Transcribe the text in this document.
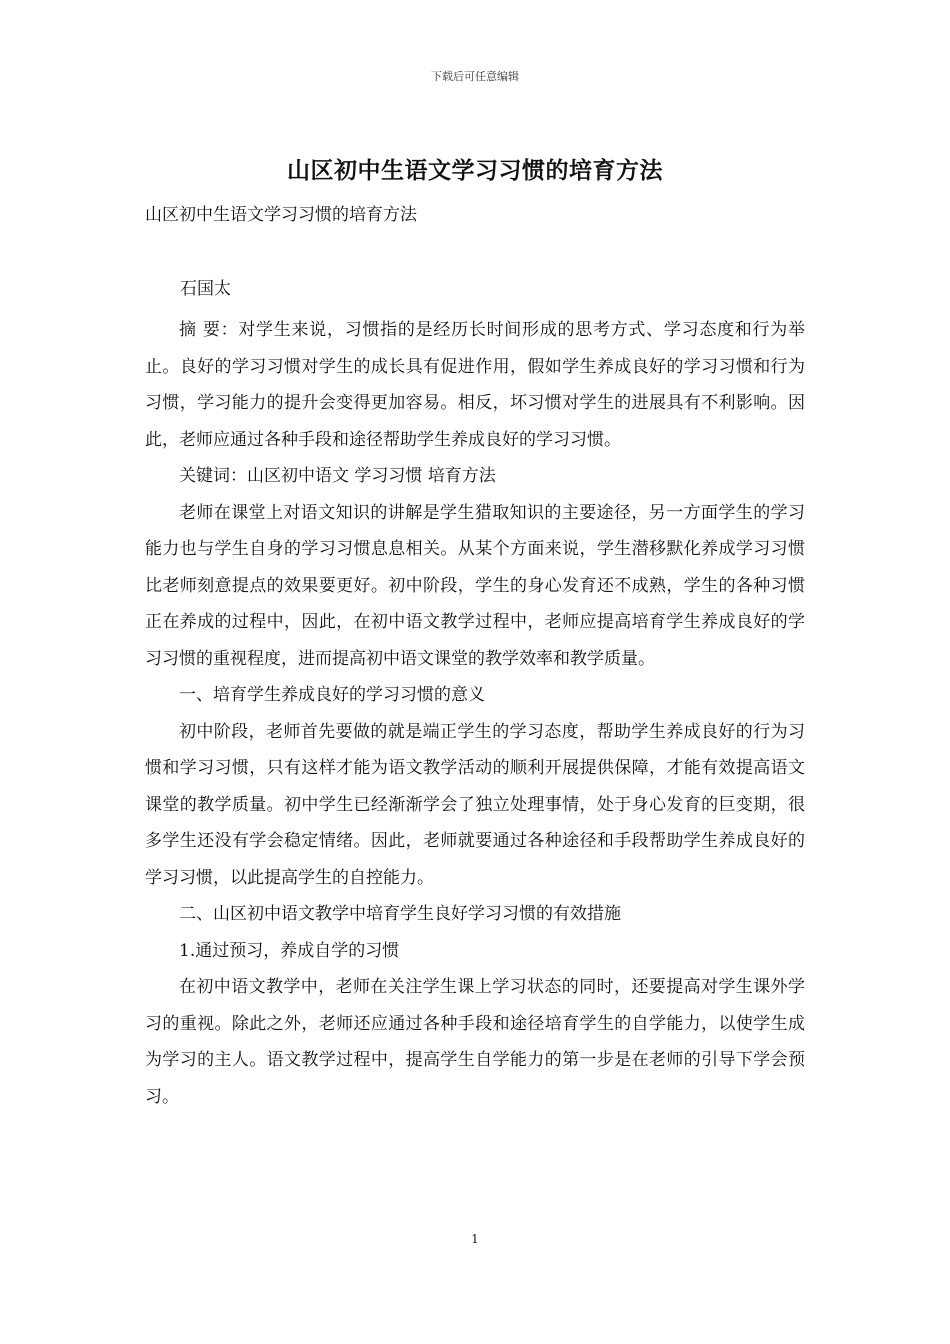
下载后可任意编辑
山区初中生语文学习习惯的培育方法

山区初中生语文学习习惯的培育方法

石国太

摘 要：对学生来说，习惯指的是经历长时间形成的思考方式、学习态度和行为举止。良好的学习习惯对学生的成长具有促进作用，假如学生养成良好的学习习惯和行为习惯，学习能力的提升会变得更加容易。相反，坏习惯对学生的进展具有不利影响。因此，老师应通过各种手段和途径帮助学生养成良好的学习习惯。

关键词：山区初中语文 学习习惯 培育方法

老师在课堂上对语文知识的讲解是学生猎取知识的主要途径，另一方面学生的学习能力也与学生自身的学习习惯息息相关。从某个方面来说，学生潜移默化养成学习习惯比老师刻意提点的效果要更好。初中阶段，学生的身心发育还不成熟，学生的各种习惯正在养成的过程中，因此，在初中语文教学过程中，老师应提高培育学生养成良好的学习习惯的重视程度，进而提高初中语文课堂的教学效率和教学质量。

一、培育学生养成良好的学习习惯的意义

初中阶段，老师首先要做的就是端正学生的学习态度，帮助学生养成良好的行为习惯和学习习惯，只有这样才能为语文教学活动的顺利开展提供保障，才能有效提高语文课堂的教学质量。初中学生已经渐渐学会了独立处理事情，处于身心发育的巨变期，很多学生还没有学会稳定情绪。因此，老师就要通过各种途径和手段帮助学生养成良好的学习习惯，以此提高学生的自控能力。

二、山区初中语文教学中培育学生良好学习习惯的有效措施

1.通过预习，养成自学的习惯

在初中语文教学中，老师在关注学生课上学习状态的同时，还要提高对学生课外学习的重视。除此之外，老师还应通过各种手段和途径培育学生的自学能力，以使学生成为学习的主人。语文教学过程中，提高学生自学能力的第一步是在老师的引导下学会预习。

1
